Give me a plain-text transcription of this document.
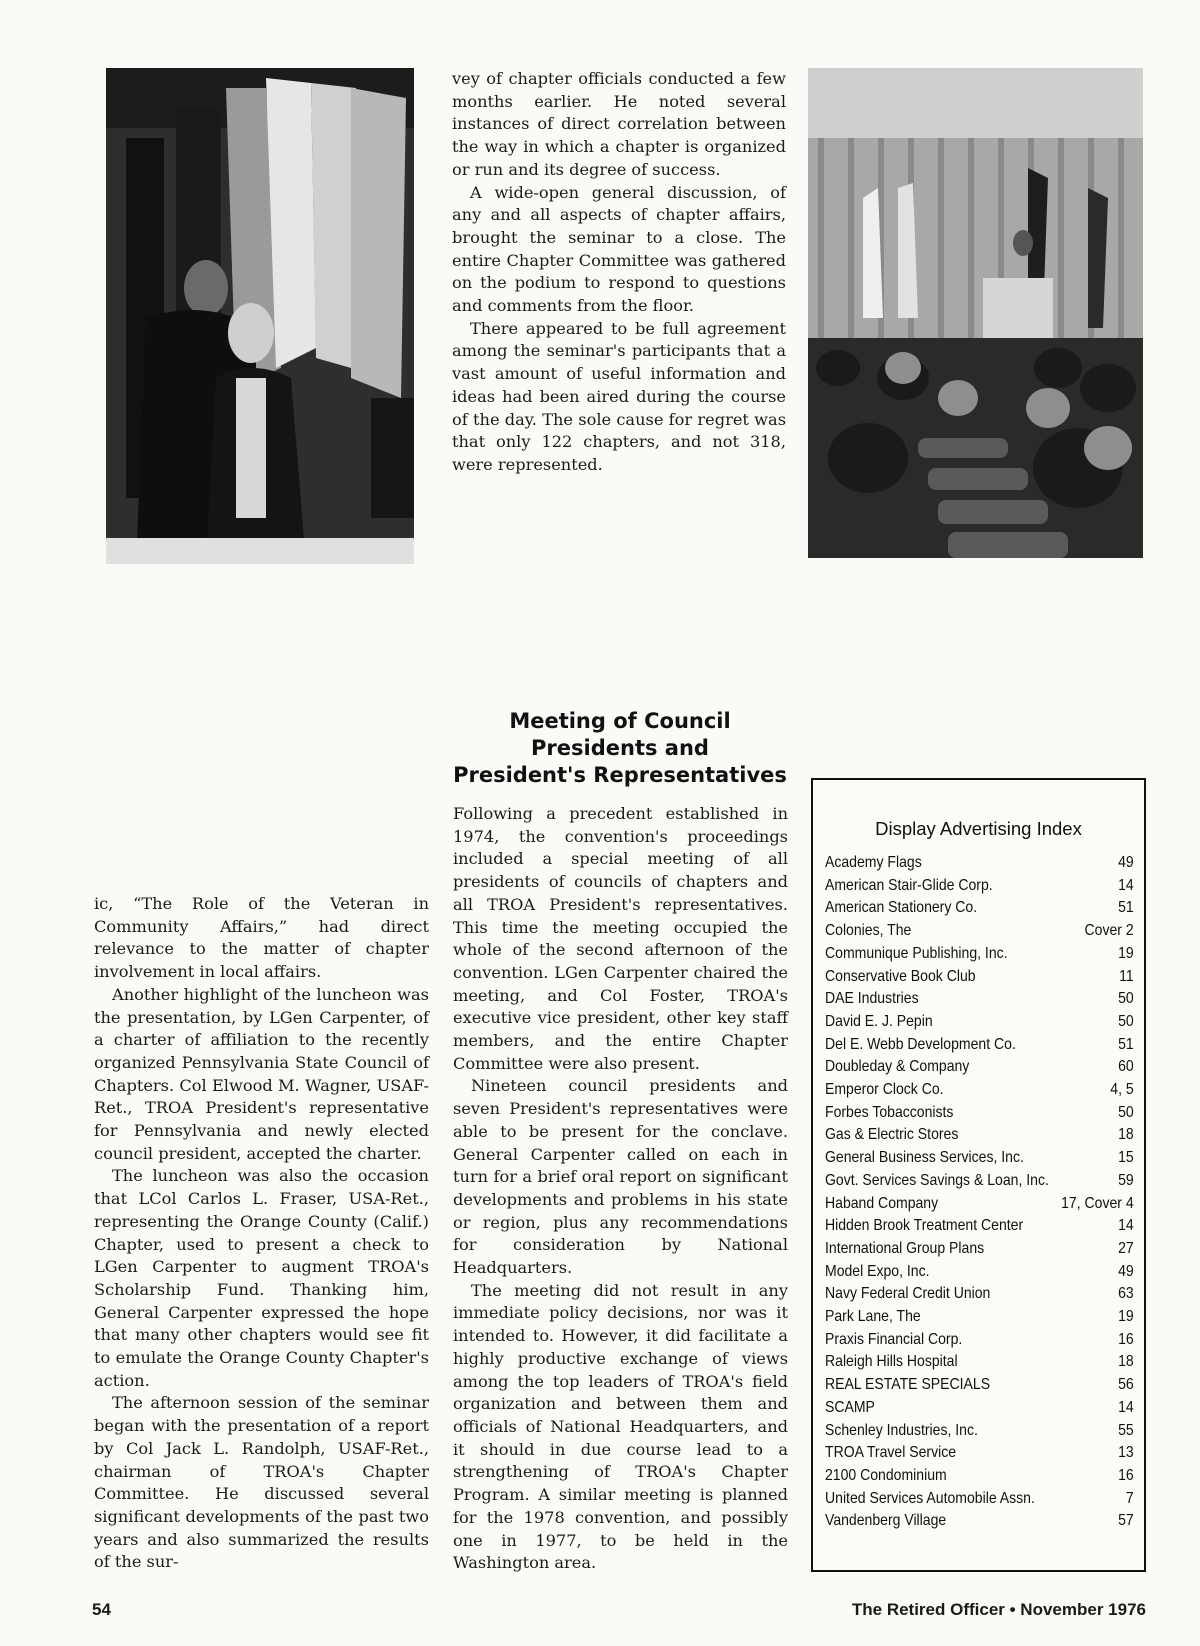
vey of chapter officials conducted a few months earlier. He noted several instances of direct correlation between the way in which a chapter is organized or run and its degree of success.

A wide-open general discussion, of any and all aspects of chapter affairs, brought the seminar to a close. The entire Chapter Committee was gathered on the podium to respond to questions and comments from the floor.

There appeared to be full agreement among the seminar's participants that a vast amount of useful information and ideas had been aired during the course of the day. The sole cause for regret was that only 122 chapters, and not 318, were represented.

ic, “The Role of the Veteran in Community Affairs,” had direct relevance to the matter of chapter involvement in local affairs.

Another highlight of the luncheon was the presentation, by LGen Carpenter, of a charter of affiliation to the recently organized Pennsylvania State Council of Chapters. Col Elwood M. Wagner, USAF-Ret., TROA President's representative for Pennsylvania and newly elected council president, accepted the charter.

The luncheon was also the occasion that LCol Carlos L. Fraser, USA-Ret., representing the Orange County (Calif.) Chapter, used to present a check to LGen Carpenter to augment TROA's Scholarship Fund. Thanking him, General Carpenter expressed the hope that many other chapters would see fit to emulate the Orange County Chapter's action.

The afternoon session of the seminar began with the presentation of a report by Col Jack L. Randolph, USAF-Ret., chairman of TROA's Chapter Committee. He discussed several significant developments of the past two years and also summarized the results of the sur-

Meeting of Council
Presidents and
President's Representatives

Following a precedent established in 1974, the convention's proceedings included a special meeting of all presidents of councils of chapters and all TROA President's representatives. This time the meeting occupied the whole of the second afternoon of the convention. LGen Carpenter chaired the meeting, and Col Foster, TROA's executive vice president, other key staff members, and the entire Chapter Committee were also present.

Nineteen council presidents and seven President's representatives were able to be present for the conclave. General Carpenter called on each in turn for a brief oral report on significant developments and problems in his state or region, plus any recommendations for consideration by National Headquarters.

The meeting did not result in any immediate policy decisions, nor was it intended to. However, it did facilitate a highly productive exchange of views among the top leaders of TROA's field organization and between them and officials of National Headquarters, and it should in due course lead to a strengthening of TROA's Chapter Program. A similar meeting is planned for the 1978 convention, and possibly one in 1977, to be held in the Washington area.

Display Advertising Index
Academy Flags	49
American Stair-Glide Corp.	14
American Stationery Co.	51
Colonies, The	Cover 2
Communique Publishing, Inc.	19
Conservative Book Club	11
DAE Industries	50
David E. J. Pepin	50
Del E. Webb Development Co.	51
Doubleday & Company	60
Emperor Clock Co.	4, 5
Forbes Tobacconists	50
Gas & Electric Stores	18
General Business Services, Inc.	15
Govt. Services Savings & Loan, Inc.	59
Haband Company	17, Cover 4
Hidden Brook Treatment Center	14
International Group Plans	27
Model Expo, Inc.	49
Navy Federal Credit Union	63
Park Lane, The	19
Praxis Financial Corp.	16
Raleigh Hills Hospital	18
REAL ESTATE SPECIALS	56
SCAMP	14
Schenley Industries, Inc.	55
TROA Travel Service	13
2100 Condominium	16
United Services Automobile Assn.	7
Vandenberg Village	57
54	The Retired Officer • November 1976
